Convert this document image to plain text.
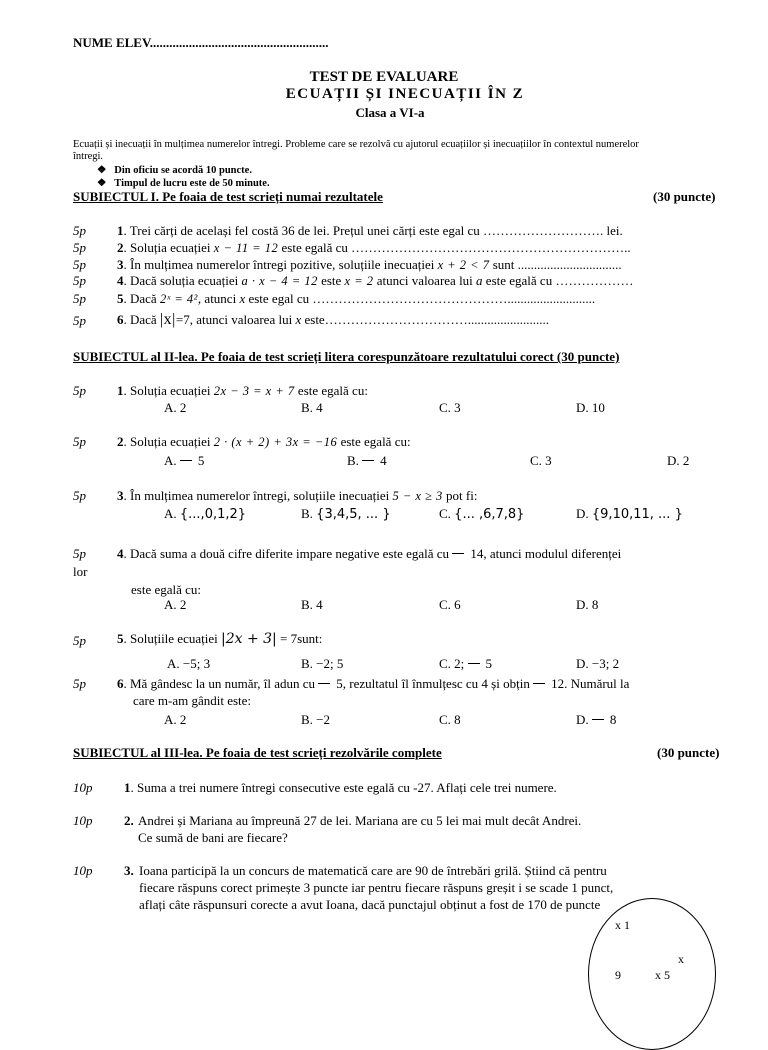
NUME ELEV.......................................................
TEST DE EVALUARE
ECUAȚII ȘI INECUAȚII ÎN Z
Clasa a VI-a
Ecuații și inecuații în mulțimea numerelor întregi. Probleme care se rezolvă cu ajutorul ecuațiilor și inecuațiilor în contextul numerelor
întregi.
❖ Din oficiu se acordă 10 puncte.
❖ Timpul de lucru este de 50 minute.
SUBIECTUL I. Pe foaia de test scrieți numai rezultatele	(30 puncte)
5p 1. Trei cărți de același fel costă 36 de lei. Prețul unei cărți este egal cu ………………………. lei.
5p 2. Soluția ecuației x − 11 = 12 este egală cu ………………………………………………………..
5p 3. În mulțimea numerelor întregi pozitive, soluțiile inecuației x + 2 < 7 sunt ................................
5p 4. Dacă soluția ecuației a · x − 4 = 12 este x = 2 atunci valoarea lui a este egală cu ………………
5p 5. Dacă 2ˣ = 4², atunci x este egal cu ………………………………………...........................
5p 6. Dacă |x|=7, atunci valoarea lui x este…………………………….........................
SUBIECTUL al II-lea. Pe foaia de test scrieți litera corespunzătoare rezultatului corect (30 puncte)
5p 1. Soluția ecuației 2x − 3 = x + 7 este egală cu:
A. 2	B. 4	C. 3	D. 10
5p 2. Soluția ecuației 2 · (x + 2) + 3x = −16 este egală cu:
A. 5	B. 4	C. 3	D. 2
5p 3. În mulțimea numerelor întregi, soluțiile inecuației 5 − x ≥ 3 pot fi:
A. {...,0,1,2}	B. {3,4,5, ... }	C. {... ,6,7,8}	D. {9,10,11, ... }
5p 4. Dacă suma a două cifre diferite impare negative este egală cu 14, atunci modulul diferenței
lor
este egală cu:
A. 2	B. 4	C. 6	D. 8
5p 5. Soluțiile ecuației |2x + 3| = 7sunt:
A. −5; 3	B. −2; 5	C. 2; 5	D. −3; 2
5p 6. Mă gândesc la un număr, îl adun cu 5, rezultatul îl înmulțesc cu 4 și obțin 12. Numărul la
care m-am gândit este:
A. 2	B. −2	C. 8	D. 8
SUBIECTUL al III-lea. Pe foaia de test scrieți rezolvările complete	(30 puncte)
10p 1. Suma a trei numere întregi consecutive este egală cu -27. Aflați cele trei numere.
10p 2. Andrei și Mariana au împreună 27 de lei. Mariana are cu 5 lei mai mult decât Andrei.
Ce sumă de bani are fiecare?
10p 3. Ioana participă la un concurs de matematică care are 90 de întrebări grilă. Știind că pentru
fiecare răspuns corect primește 3 puncte iar pentru fiecare răspuns greșit i se scade 1 punct,
aflați câte răspunsuri corecte a avut Ioana, dacă punctajul obținut a fost de 170 de puncte
x 1
x
9	x 5
